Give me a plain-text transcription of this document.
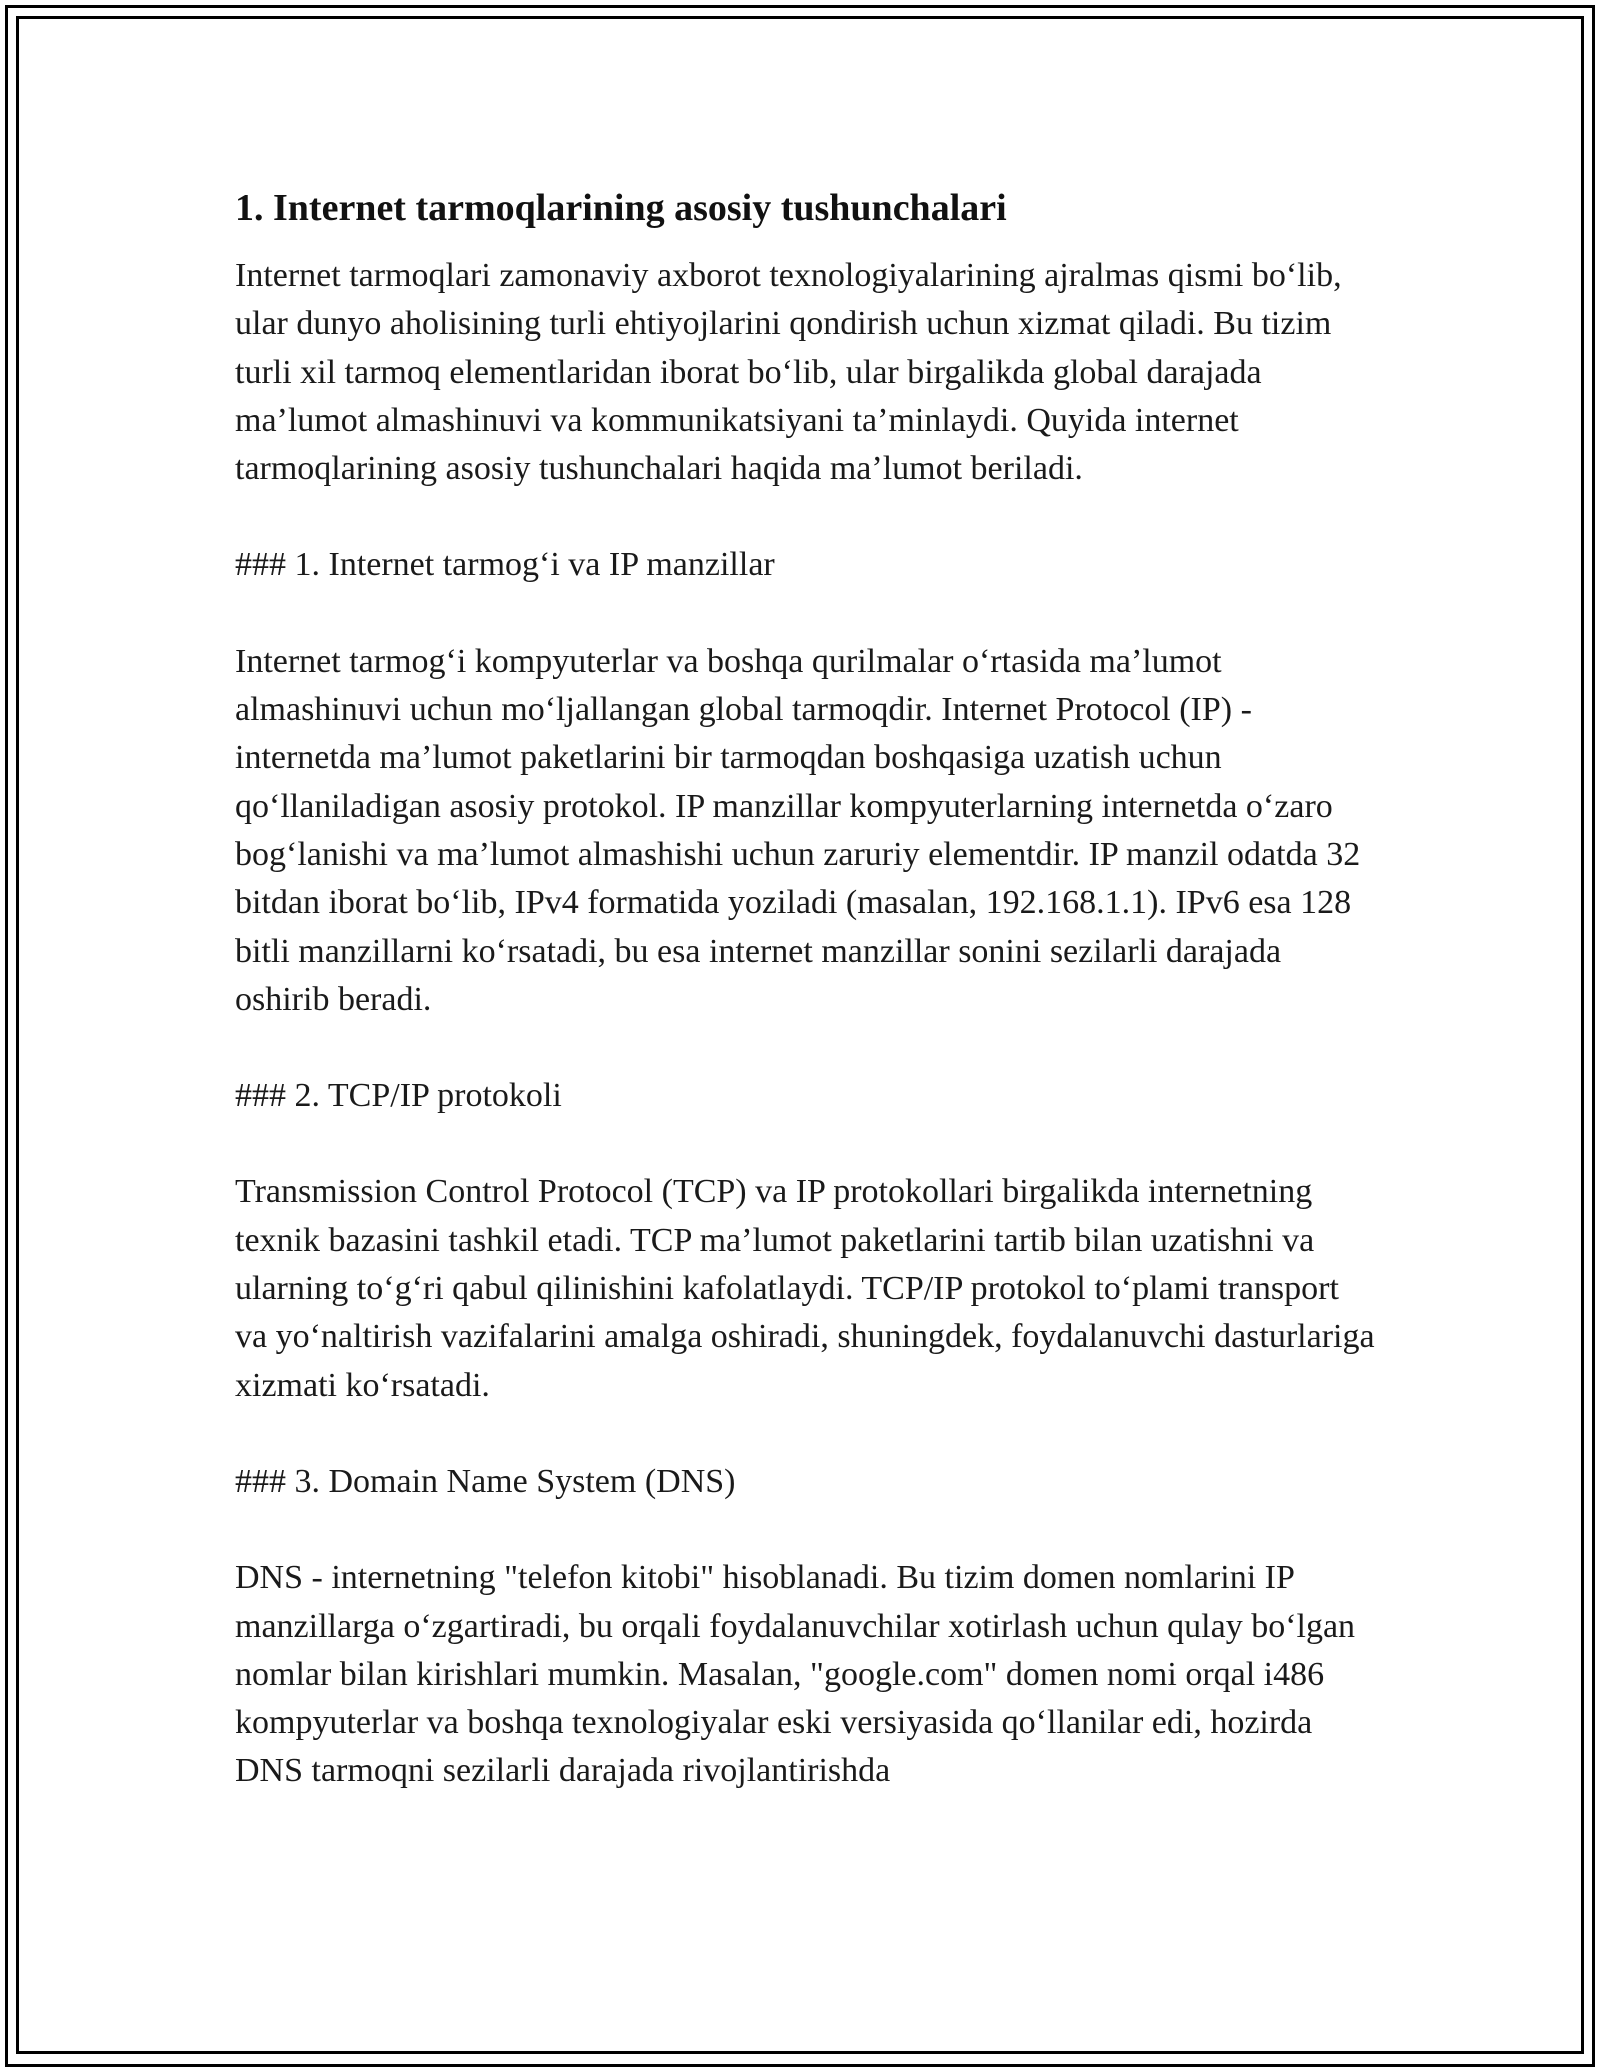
1. Internet tarmoqlarining asosiy tushunchalari

Internet tarmoqlari zamonaviy axborot texnologiyalarining ajralmas qismi bo‘lib, ular dunyo aholisining turli ehtiyojlarini qondirish uchun xizmat qiladi. Bu tizim turli xil tarmoq elementlaridan iborat bo‘lib, ular birgalikda global darajada ma’lumot almashinuvi va kommunikatsiyani ta’minlaydi. Quyida internet tarmoqlarining asosiy tushunchalari haqida ma’lumot beriladi.

### 1. Internet tarmog‘i va IP manzillar

Internet tarmog‘i kompyuterlar va boshqa qurilmalar o‘rtasida ma’lumot almashinuvi uchun mo‘ljallangan global tarmoqdir. Internet Protocol (IP) - internetda ma’lumot paketlarini bir tarmoqdan boshqasiga uzatish uchun qo‘llaniladigan asosiy protokol. IP manzillar kompyuterlarning internetda o‘zaro bog‘lanishi va ma’lumot almashishi uchun zaruriy elementdir. IP manzil odatda 32 bitdan iborat bo‘lib, IPv4 formatida yoziladi (masalan, 192.168.1.1). IPv6 esa 128 bitli manzillarni ko‘rsatadi, bu esa internet manzillar sonini sezilarli darajada oshirib beradi.

### 2. TCP/IP protokoli

Transmission Control Protocol (TCP) va IP protokollari birgalikda internetning texnik bazasini tashkil etadi. TCP ma’lumot paketlarini tartib bilan uzatishni va ularning to‘g‘ri qabul qilinishini kafolatlaydi. TCP/IP protokol to‘plami transport va yo‘naltirish vazifalarini amalga oshiradi, shuningdek, foydalanuvchi dasturlariga xizmati ko‘rsatadi.

### 3. Domain Name System (DNS)

DNS - internetning "telefon kitobi" hisoblanadi. Bu tizim domen nomlarini IP manzillarga o‘zgartiradi, bu orqali foydalanuvchilar xotirlash uchun qulay bo‘lgan nomlar bilan kirishlari mumkin. Masalan, "google.com" domen nomi orqal i486 kompyuterlar va boshqa texnologiyalar eski versiyasida qo‘llanilar edi, hozirda DNS tarmoqni sezilarli darajada rivojlantirishda
